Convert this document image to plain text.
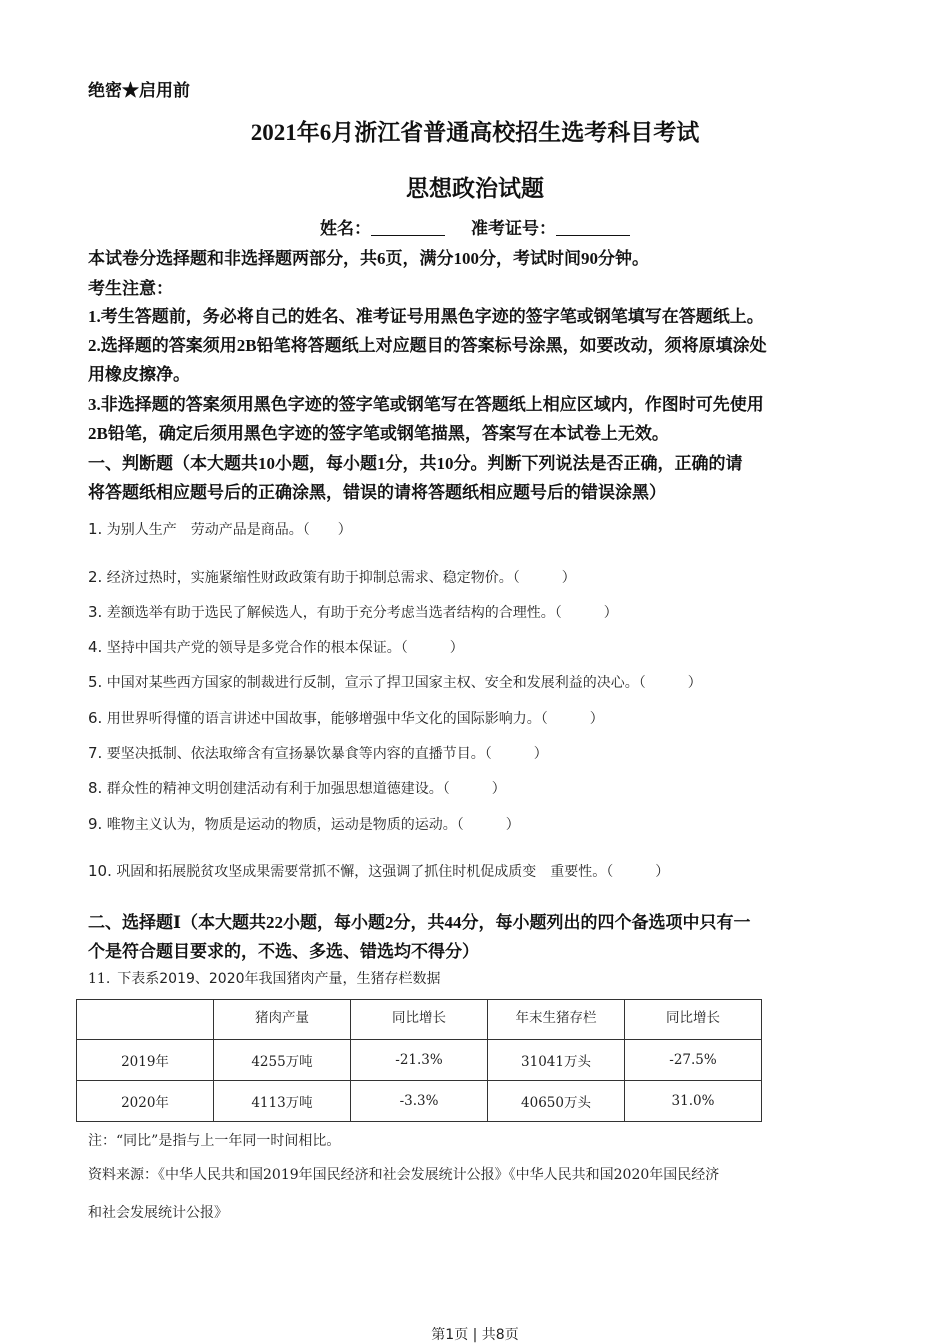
绝密★启用前
2021年6月浙江省普通高校招生选考科目考试
思想政治试题
姓名：	准考证号：
本试卷分选择题和非选择题两部分，共6页，满分100分，考试时间90分钟。
考生注意：
1.考生答题前，务必将自己的姓名、准考证号用黑色字迹的签字笔或钢笔填写在答题纸上。
2.选择题的答案须用2B铅笔将答题纸上对应题目的答案标号涂黑，如要改动，须将原填涂处
用橡皮擦净。
3.非选择题的答案须用黑色字迹的签字笔或钢笔写在答题纸上相应区域内，作图时可先使用
2B铅笔，确定后须用黑色字迹的签字笔或钢笔描黑，答案写在本试卷上无效。
一、判断题（本大题共10小题，每小题1分，共10分。判断下列说法是否正确，正确的请
将答题纸相应题号后的正确涂黑，错误的请将答题纸相应题号后的错误涂黑）
1. 为别人生产　劳动产品是商品。（　　）
2. 经济过热时，实施紧缩性财政政策有助于抑制总需求、稳定物价。（　　　）
3. 差额选举有助于选民了解候选人，有助于充分考虑当选者结构的合理性。（　　　）
4. 坚持中国共产党的领导是多党合作的根本保证。（　　　）
5. 中国对某些西方国家的制裁进行反制，宣示了捍卫国家主权、安全和发展利益的决心。（　　　）
6. 用世界听得懂的语言讲述中国故事，能够增强中华文化的国际影响力。（　　　）
7. 要坚决抵制、依法取缔含有宣扬暴饮暴食等内容的直播节目。（　　　）
8. 群众性的精神文明创建活动有利于加强思想道德建设。（　　　）
9. 唯物主义认为，物质是运动的物质，运动是物质的运动。（　　　）
10. 巩固和拓展脱贫攻坚成果需要常抓不懈，这强调了抓住时机促成质变　重要性。（　　　）
二、选择题Ⅰ（本大题共22小题，每小题2分，共44分，每小题列出的四个备选项中只有一
个是符合题目要求的，不选、多选、错选均不得分）
11. 下表系2019、2020年我国猪肉产量，生猪存栏数据
	猪肉产量	同比增长	年末生猪存栏	同比增长
2019年	4255万吨	-21.3%	31041万头	-27.5%
2020年	4113万吨	-3.3%	40650万头	31.0%
注：“同比”是指与上一年同一时间相比。
资料来源：《中华人民共和国2019年国民经济和社会发展统计公报》《中华人民共和国2020年国民经济
和社会发展统计公报》
第1页 | 共8页
